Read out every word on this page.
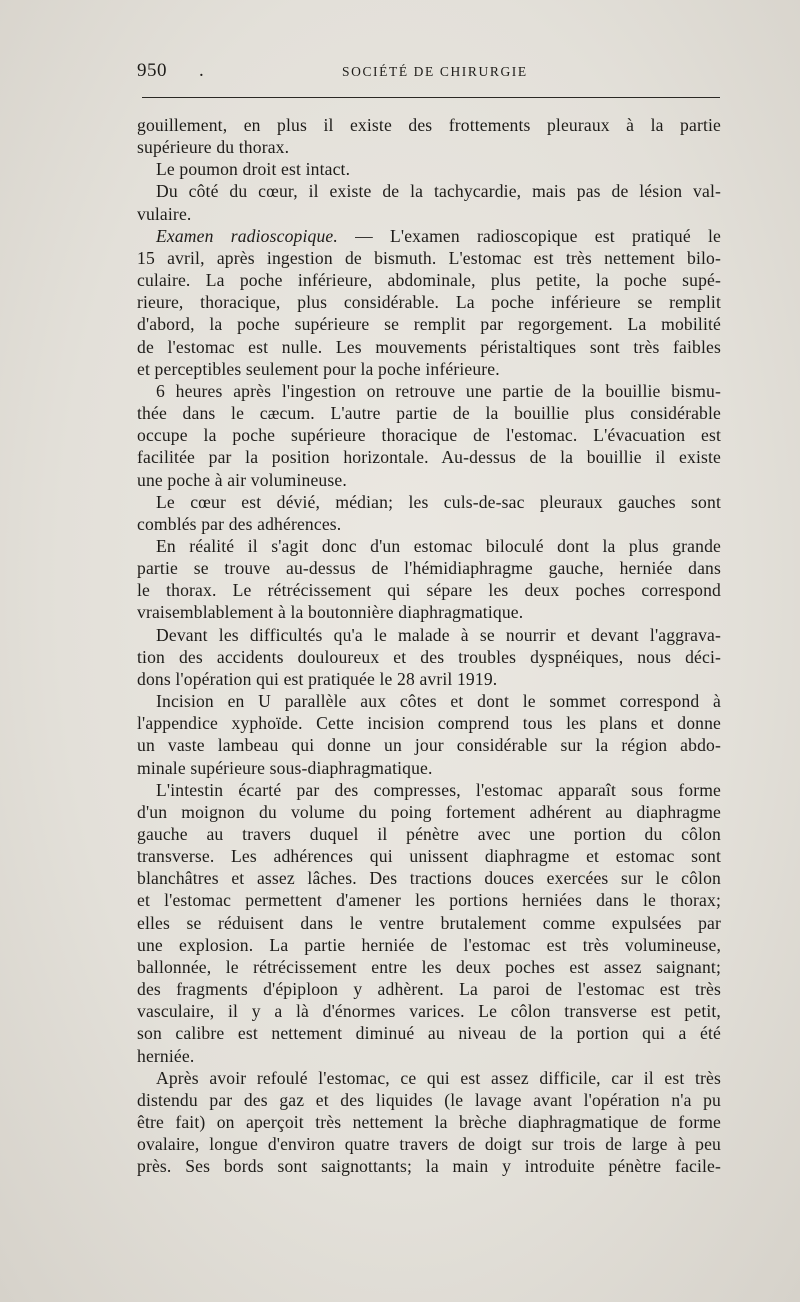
950 .	SOCIÉTÉ DE CHIRURGIE
gouillement, en plus il existe des frottements pleuraux à la partie
supérieure du thorax.
Le poumon droit est intact.
Du côté du cœur, il existe de la tachycardie, mais pas de lésion val-
vulaire.
Examen radioscopique. — L'examen radioscopique est pratiqué le
15 avril, après ingestion de bismuth. L'estomac est très nettement bilo-
culaire. La poche inférieure, abdominale, plus petite, la poche supé-
rieure, thoracique, plus considérable. La poche inférieure se remplit
d'abord, la poche supérieure se remplit par regorgement. La mobilité
de l'estomac est nulle. Les mouvements péristaltiques sont très faibles
et perceptibles seulement pour la poche inférieure.
6 heures après l'ingestion on retrouve une partie de la bouillie bismu-
thée dans le cæcum. L'autre partie de la bouillie plus considérable
occupe la poche supérieure thoracique de l'estomac. L'évacuation est
facilitée par la position horizontale. Au-dessus de la bouillie il existe
une poche à air volumineuse.
Le cœur est dévié, médian; les culs-de-sac pleuraux gauches sont
comblés par des adhérences.
En réalité il s'agit donc d'un estomac biloculé dont la plus grande
partie se trouve au-dessus de l'hémidiaphragme gauche, herniée dans
le thorax. Le rétrécissement qui sépare les deux poches correspond
vraisemblablement à la boutonnière diaphragmatique.
Devant les difficultés qu'a le malade à se nourrir et devant l'aggrava-
tion des accidents douloureux et des troubles dyspnéiques, nous déci-
dons l'opération qui est pratiquée le 28 avril 1919.
Incision en U parallèle aux côtes et dont le sommet correspond à
l'appendice xyphoïde. Cette incision comprend tous les plans et donne
un vaste lambeau qui donne un jour considérable sur la région abdo-
minale supérieure sous-diaphragmatique.
L'intestin écarté par des compresses, l'estomac apparaît sous forme
d'un moignon du volume du poing fortement adhérent au diaphragme
gauche au travers duquel il pénètre avec une portion du côlon
transverse. Les adhérences qui unissent diaphragme et estomac sont
blanchâtres et assez lâches. Des tractions douces exercées sur le côlon
et l'estomac permettent d'amener les portions herniées dans le thorax;
elles se réduisent dans le ventre brutalement comme expulsées par
une explosion. La partie herniée de l'estomac est très volumineuse,
ballonnée, le rétrécissement entre les deux poches est assez saignant;
des fragments d'épiploon y adhèrent. La paroi de l'estomac est très
vasculaire, il y a là d'énormes varices. Le côlon transverse est petit,
son calibre est nettement diminué au niveau de la portion qui a été
herniée.
Après avoir refoulé l'estomac, ce qui est assez difficile, car il est très
distendu par des gaz et des liquides (le lavage avant l'opération n'a pu
être fait) on aperçoit très nettement la brèche diaphragmatique de forme
ovalaire, longue d'environ quatre travers de doigt sur trois de large à peu
près. Ses bords sont saignottants; la main y introduite pénètre facile-
